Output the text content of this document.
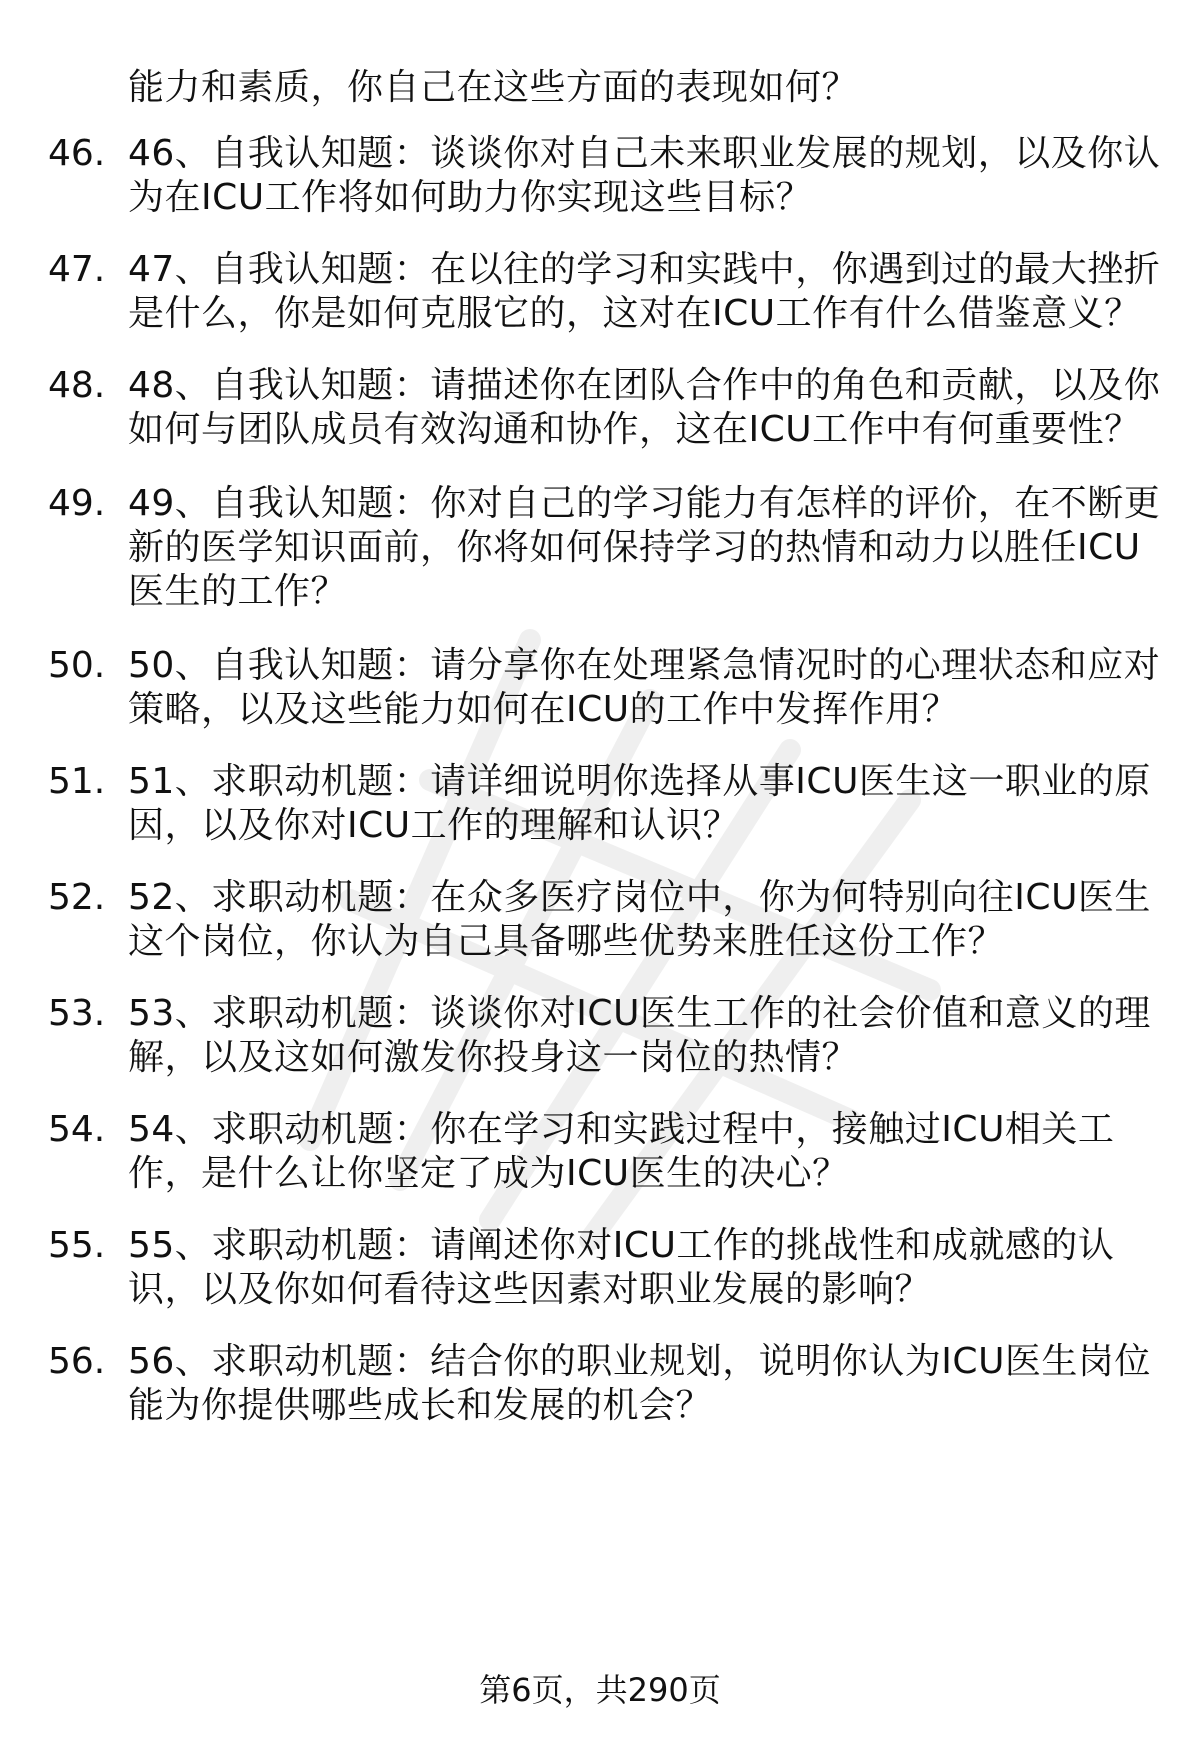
能力和素质，你自己在这些方面的表现如何？
46. 46、自我认知题：谈谈你对自己未来职业发展的规划，以及你认
为在ICU工作将如何助力你实现这些目标？
47. 47、自我认知题：在以往的学习和实践中，你遇到过的最大挫折
是什么，你是如何克服它的，这对在ICU工作有什么借鉴意义？
48. 48、自我认知题：请描述你在团队合作中的角色和贡献，以及你
如何与团队成员有效沟通和协作，这在ICU工作中有何重要性？
49. 49、自我认知题：你对自己的学习能力有怎样的评价，在不断更
新的医学知识面前，你将如何保持学习的热情和动力以胜任ICU
医生的工作？
50. 50、自我认知题：请分享你在处理紧急情况时的心理状态和应对
策略，以及这些能力如何在ICU的工作中发挥作用？
51. 51、求职动机题：请详细说明你选择从事ICU医生这一职业的原
因，以及你对ICU工作的理解和认识？
52. 52、求职动机题：在众多医疗岗位中，你为何特别向往ICU医生
这个岗位，你认为自己具备哪些优势来胜任这份工作？
53. 53、求职动机题：谈谈你对ICU医生工作的社会价值和意义的理
解，以及这如何激发你投身这一岗位的热情？
54. 54、求职动机题：你在学习和实践过程中，接触过ICU相关工
作，是什么让你坚定了成为ICU医生的决心？
55. 55、求职动机题：请阐述你对ICU工作的挑战性和成就感的认
识，以及你如何看待这些因素对职业发展的影响？
56. 56、求职动机题：结合你的职业规划，说明你认为ICU医生岗位
能为你提供哪些成长和发展的机会？
第6页，共290页
